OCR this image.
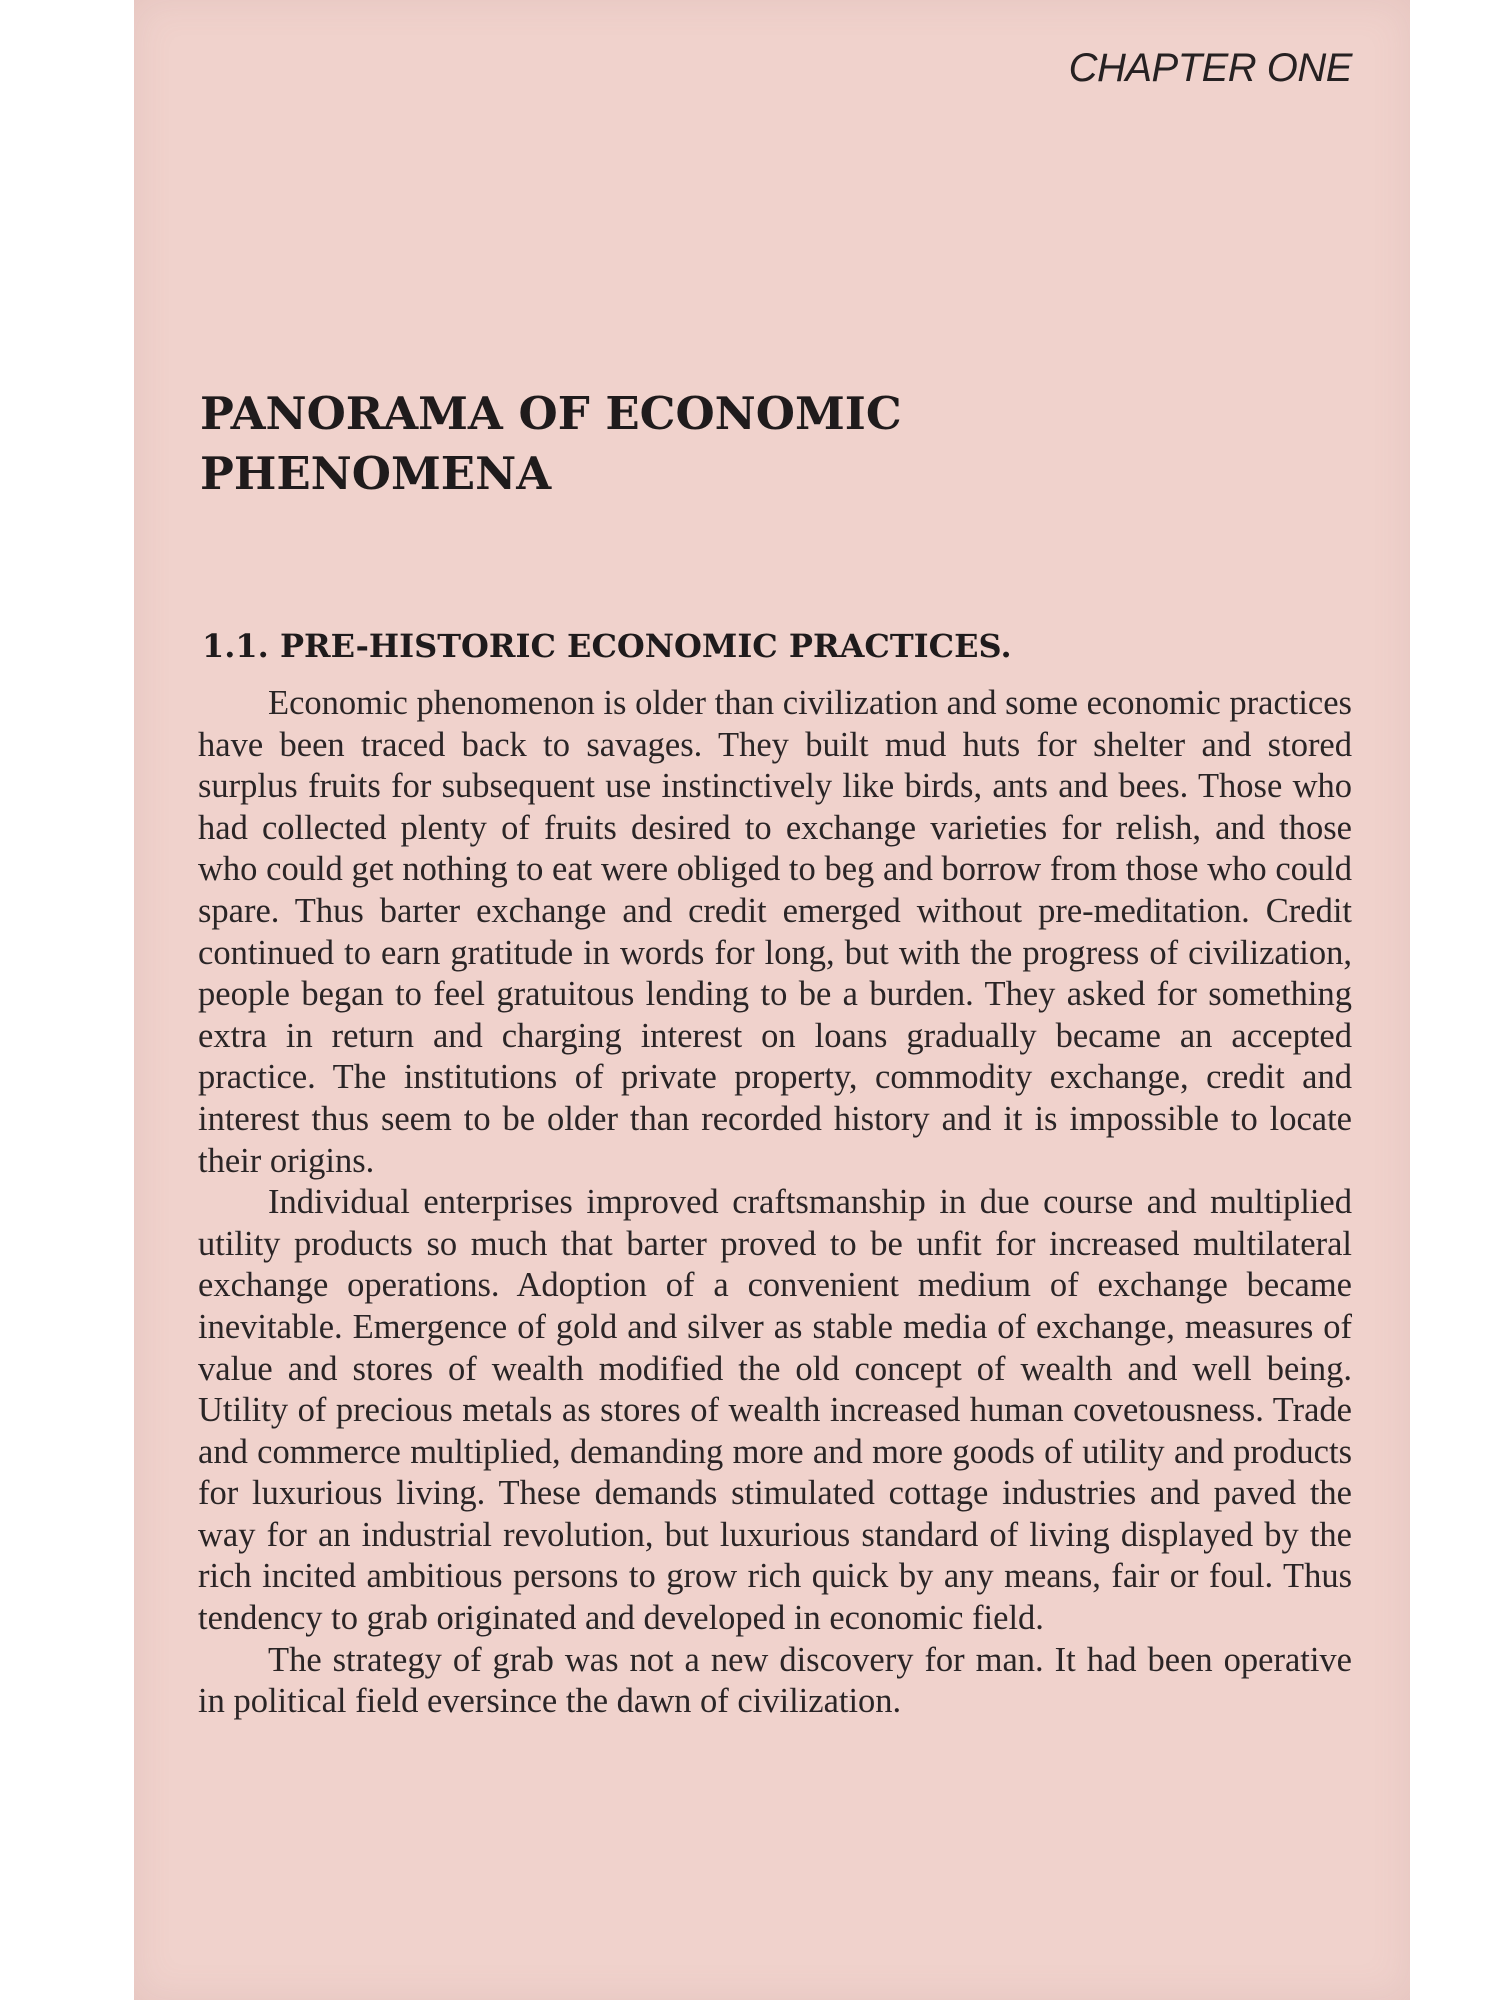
CHAPTER ONE
PANORAMA OF ECONOMIC
PHENOMENA
1.1. PRE-HISTORIC ECONOMIC PRACTICES.

Economic phenomenon is older than civilization and some economic practices have been traced back to savages. They built mud huts for shelter and stored surplus fruits for subsequent use instinctively like birds, ants and bees. Those who had collected plenty of fruits desired to exchange varieties for relish, and those who could get nothing to eat were obliged to beg and borrow from those who could spare. Thus barter exchange and credit emerged without pre-meditation. Credit continued to earn gratitude in words for long, but with the progress of civilization, people began to feel gratuitous lending to be a burden. They asked for something extra in return and charging interest on loans gradually became an accepted practice. The institutions of private property, commodity exchange, credit and interest thus seem to be older than recorded history and it is impossible to locate their origins.

Individual enterprises improved craftsmanship in due course and multiplied utility products so much that barter proved to be unfit for increased multilateral exchange operations. Adoption of a convenient medium of exchange became inevitable. Emergence of gold and silver as stable media of exchange, measures of value and stores of wealth modified the old concept of wealth and well being. Utility of precious metals as stores of wealth increased human covetousness. Trade and commerce multiplied, demanding more and more goods of utility and products for luxurious living. These demands stimulated cottage industries and paved the way for an industrial revolution, but luxurious standard of living displayed by the rich incited ambitious persons to grow rich quick by any means, fair or foul. Thus tendency to grab originated and developed in economic field.

The strategy of grab was not a new discovery for man. It had been operative in political field eversince the dawn of civilization.
